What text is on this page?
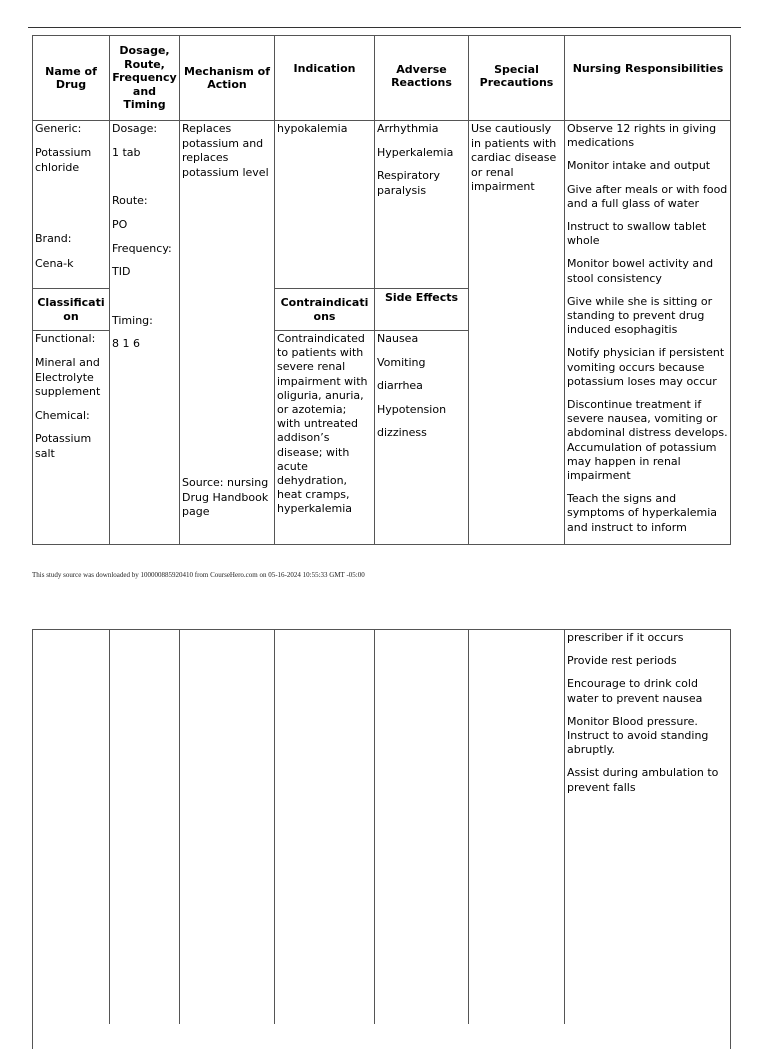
Name of Drug
Dosage, Route, Frequency and Timing
Mechanism of Action
Indication	Adverse Reactions
Special Precautions
Nursing Responsibilities
Generic:
Potassium chloride
Brand:
Cena-k
Classification
Functional:
Mineral and Electrolyte supplement
Chemical:
Potassium salt
Dosage:
1 tab
Route:
PO
Frequency:
TID
Timing:
8 1 6
Replaces potassium and replaces potassium level
Source: nursing Drug Handbook page
hypokalemia
Contraindications
Contraindicated to patients with severe renal impairment with oliguria, anuria, or azotemia; with untreated addison’s disease; with acute dehydration, heat cramps, hyperkalemia

Arrhythmia

Hyperkalemia

Respiratory paralysis

Side Effects

Nausea

Vomiting

diarrhea

Hypotension

dizziness

Use cautiously in patients with cardiac disease or renal impairment

Observe 12 rights in giving medications

Monitor intake and output

Give after meals or with food and a full glass of water

Instruct to swallow tablet whole

Monitor bowel activity and stool consistency

Give while she is sitting or standing to prevent drug induced esophagitis

Notify physician if persistent vomiting occurs because potassium loses may occur

Discontinue treatment if severe nausea, vomiting or abdominal distress develops. Accumulation of potassium may happen in renal impairment

Teach the signs and symptoms of hyperkalemia and instruct to inform

This study source was downloaded by 100000885920410 from CourseHero.com on 05-16-2024 10:55:33 GMT -05:00

prescriber if it occurs

Provide rest periods

Encourage to drink cold water to prevent nausea

Monitor Blood pressure. Instruct to avoid standing abruptly.

Assist during ambulation to prevent falls
